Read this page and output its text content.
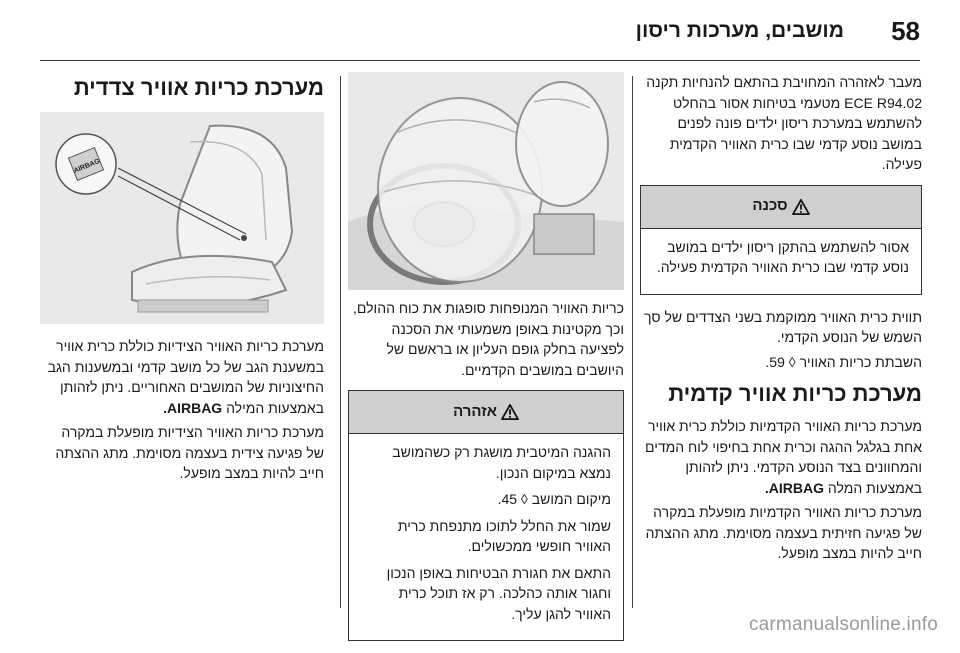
58
מושבים, מערכות ריסון

מעבר לאזהרה המחויבת בהתאם להנחיות תקנה ECE R94.02 מטעמי בטיחות אסור בהחלט להשתמש במערכת ריסון ילדים פונה לפנים במושב נוסע קדמי שבו כרית האוויר הקדמית פעילה.

סכנה

אסור להשתמש בהתקן ריסון ילדים במושב נוסע קדמי שבו כרית האוויר הקדמית פעילה.

תווית כרית האוויר ממוקמת בשני הצדדים של סך השמש של הנוסע הקדמי.

השבתת כריות האוויר ◊ 59.

מערכת כריות אוויר קדמית

מערכת כריות האוויר הקדמיות כוללת כרית אוויר אחת בגלגל ההגה וכרית אחת בחיפוי לוח המדים והמחוונים בצד הנוסע הקדמי. ניתן לזהותן באמצעות המלה AIRBAG.

מערכת כריות האוויר הקדמיות מופעלת במקרה של פגיעה חזיתית בעצמה מסוימת. מתג ההצתה חייב להיות במצב מופעל.

כריות האוויר המנופחות סופגות את כוח ההולם, וכך מקטינות באופן משמעותי את הסכנה לפציעה בחלק גופם העליון או בראשם של היושבים במושבים הקדמיים.

אזהרה

ההגנה המיטבית מושגת רק כשהמושב נמצא במיקום הנכון.

מיקום המושב ◊ 45.

שמור את החלל לתוכו מתנפחת כרית האוויר חופשי ממכשולים.

התאם את חגורת הבטיחות באופן הנכון וחגור אותה כהלכה. רק אז תוכל כרית האוויר להגן עליך.

מערכת כריות אוויר צדדית
AIRBAG

מערכת כריות האוויר הצידיות כוללת כרית אוויר במשענת הגב של כל מושב קדמי ובמשענות הגב החיצוניות של המושבים האחוריים. ניתן לזהותן באמצעות המילה AIRBAG.

מערכת כריות האוויר הצידיות מופעלת במקרה של פגיעה צידית בעצמה מסוימת. מתג ההצתה חייב להיות במצב מופעל.

carmanualsonline.info
